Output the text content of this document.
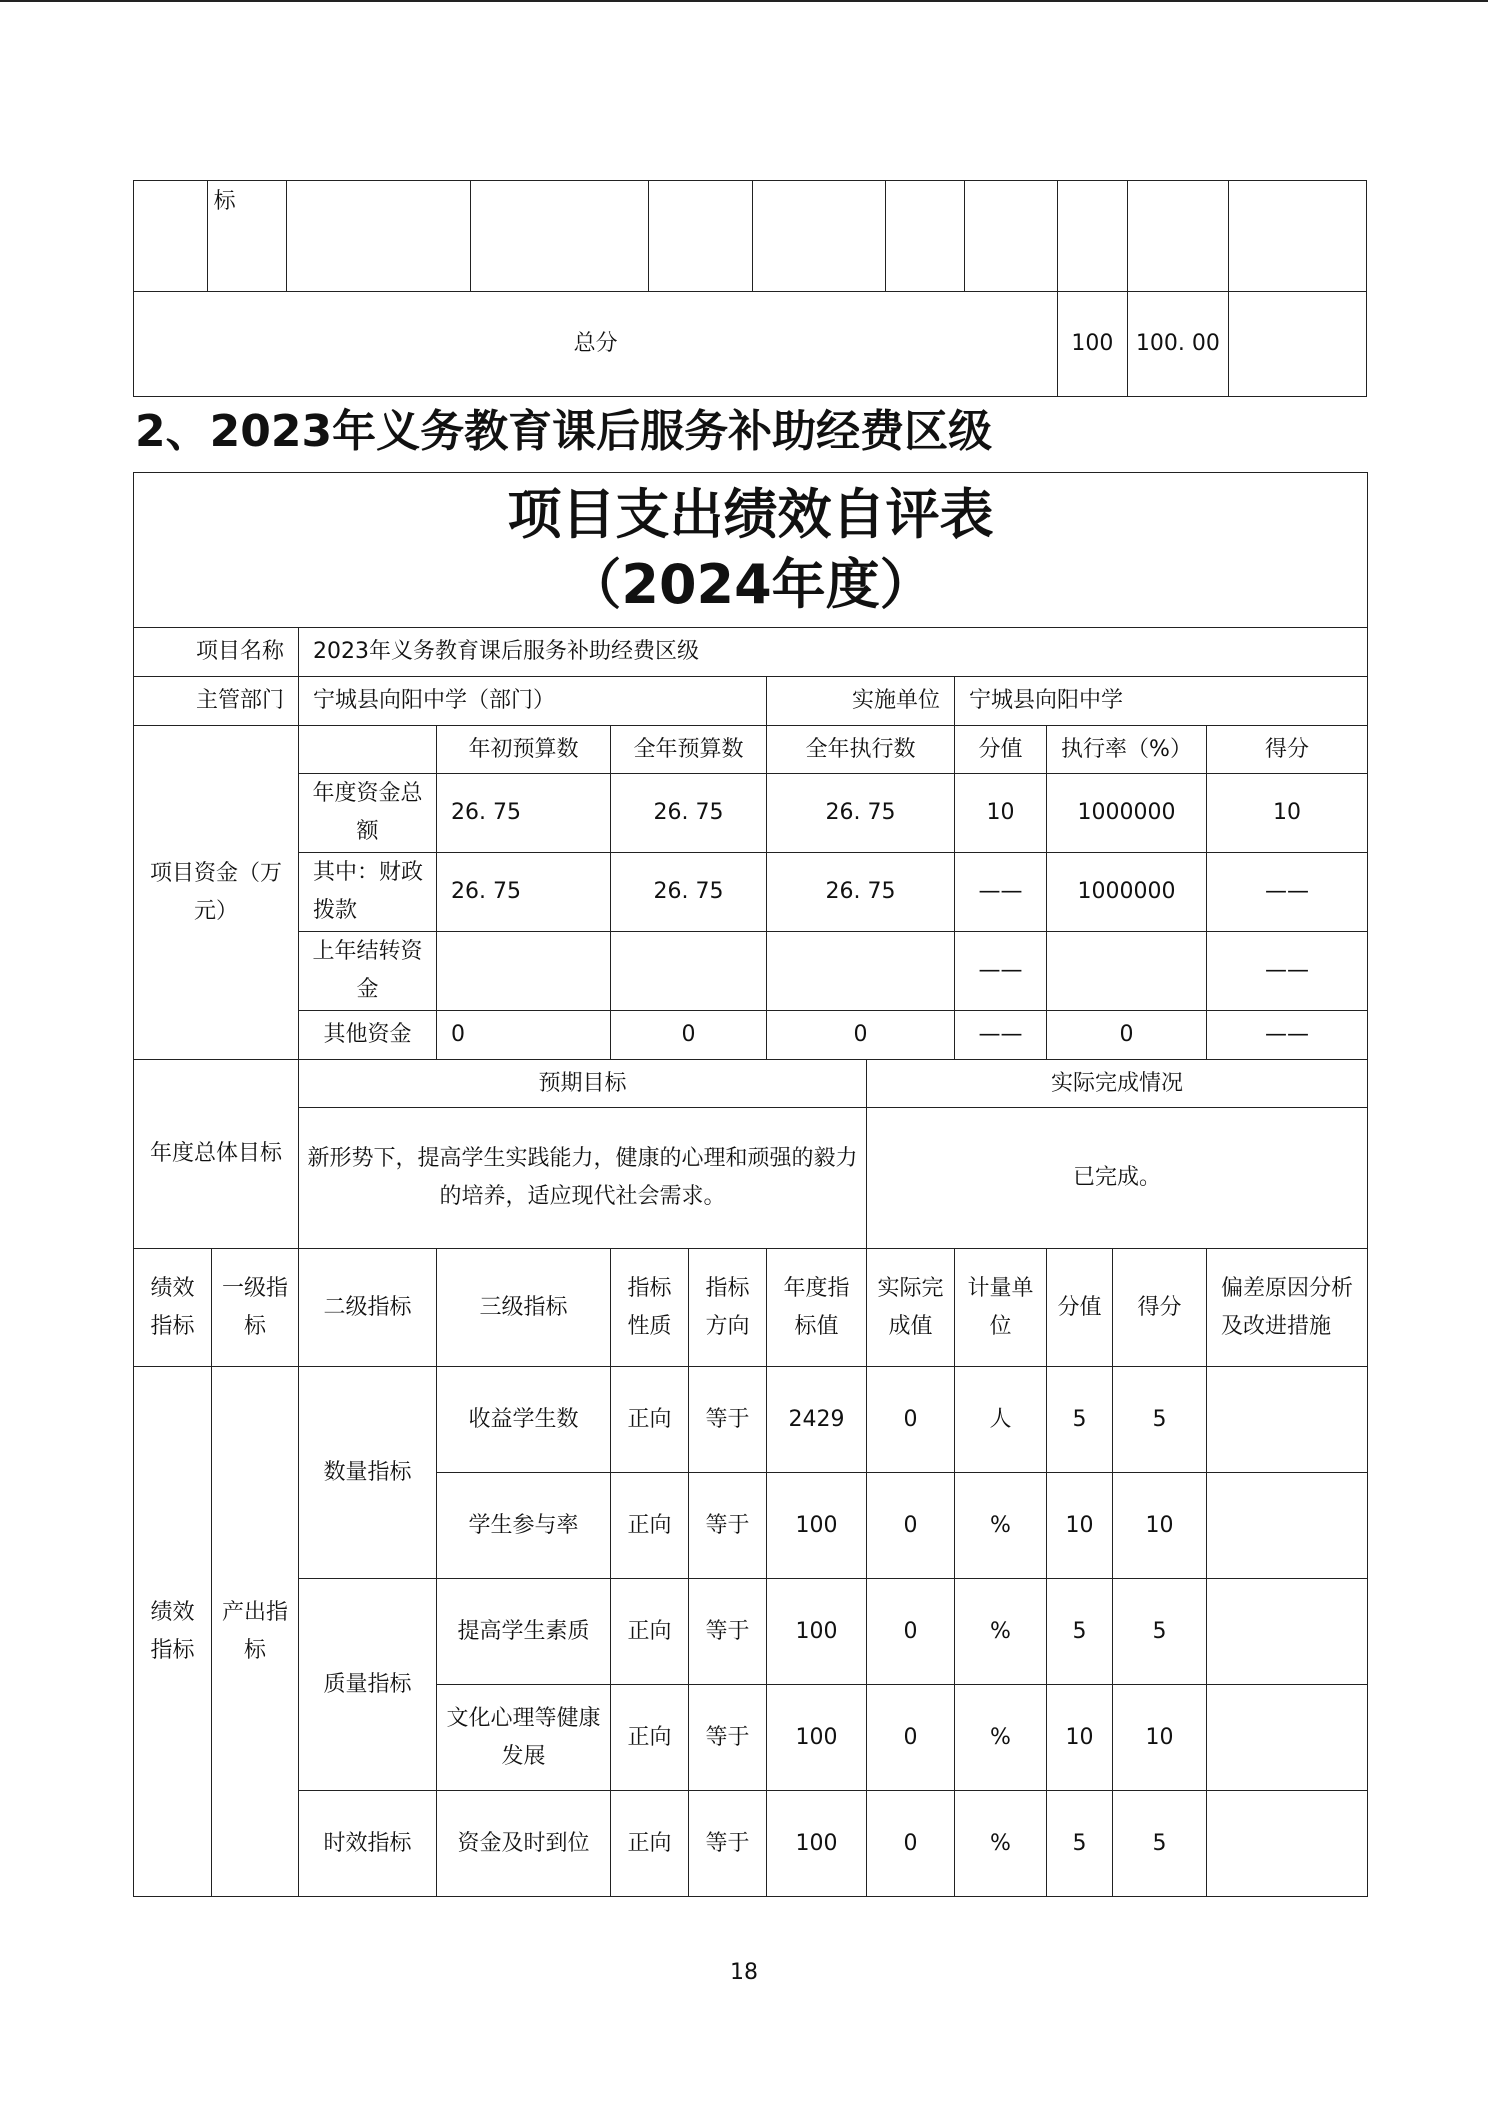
	标									
总分								100	100. 00	
2、2023年义务教育课后服务补助经费区级
项目支出绩效自评表
（2024年度）											

项目名称		2023年义务教育课后服务补助经费区级									
主管部门		宁城县向阳中学（部门）				实施单位		宁城县向阳中学			
项目资金（万元）			年初预算数	全年预算数		全年执行数		分值	执行率（%）		得分
		年度资金总额	26. 75	26. 75		26. 75		10	1000000		10
		其中：财政拨款	26. 75	26. 75		26. 75		——	1000000		——
		上年结转资金						——			——
		其他资金	0	0		0		——	0		——
年度总体目标		预期目标					实际完成情况				
		新形势下，提高学生实践能力，健康的心理和顽强的毅力的培养，适应现代社会需求。					已完成。				
绩效指标	一级指标	二级指标	三级指标	指标性质	指标方向	年度指标值	实际完成值	计量单位	分值	得分	偏差原因分析及改进措施
绩效指标	产出指标	数量指标	收益学生数	正向	等于	2429	0	人	5	5	
			学生参与率	正向	等于	100	0	%	10	10	
		质量指标	提高学生素质	正向	等于	100	0	%	5	5	
			文化心理等健康发展	正向	等于	100	0	%	10	10	
		时效指标	资金及时到位	正向	等于	100	0	%	5	5	
18
